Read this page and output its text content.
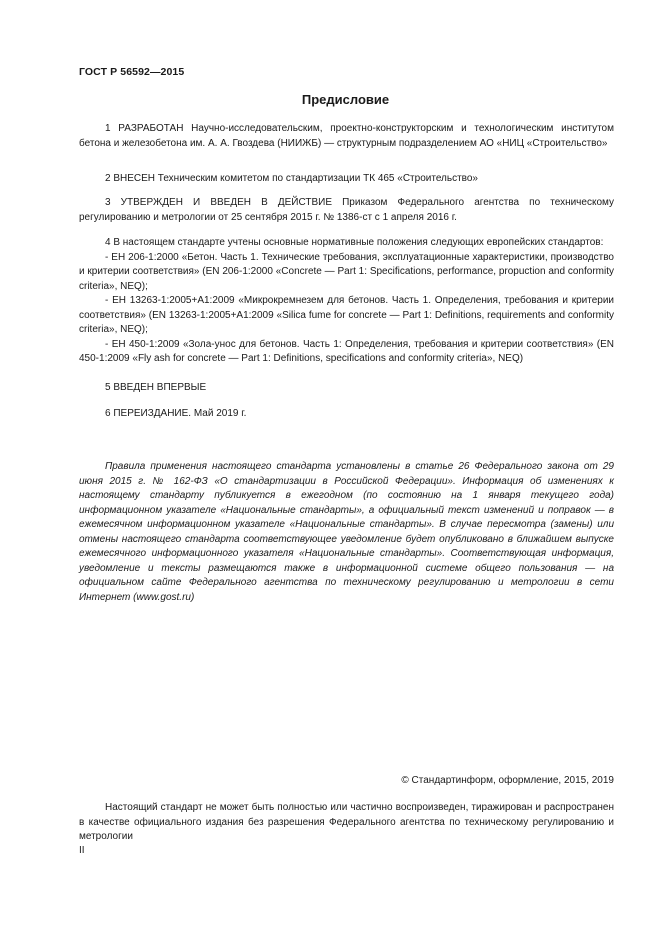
ГОСТ Р 56592—2015
Предисловие

1 РАЗРАБОТАН Научно-исследовательским, проектно-конструкторским и технологическим институтом бетона и железобетона им. А. А. Гвоздева (НИИЖБ) — структурным подразделением АО «НИЦ «Строительство»

2 ВНЕСЕН Техническим комитетом по стандартизации ТК 465 «Строительство»

3 УТВЕРЖДЕН И ВВЕДЕН В ДЕЙСТВИЕ Приказом Федерального агентства по техническому регулированию и метрологии от 25 сентября 2015 г. № 1386-ст с 1 апреля 2016 г.

4 В настоящем стандарте учтены основные нормативные положения следующих европейских стандартов:

- ЕН 206-1:2000 «Бетон. Часть 1. Технические требования, эксплуатационные характеристики, производство и критерии соответствия» (EN 206-1:2000 «Concrete — Part 1: Specifications, performance, propuction and conformity criteria», NEQ);

- ЕН 13263-1:2005+А1:2009 «Микрокремнезем для бетонов. Часть 1. Определения, требования и критерии соответствия» (EN 13263-1:2005+A1:2009 «Silica fume for concrete — Part 1: Definitions, requirements and conformity criteria», NEQ);

- ЕН 450-1:2009 «Зола-унос для бетонов. Часть 1: Определения, требования и критерии соответствия» (EN 450-1:2009 «Fly ash for concrete — Part 1: Definitions, specifications and conformity criteria», NEQ)

5 ВВЕДЕН ВПЕРВЫЕ

6 ПЕРЕИЗДАНИЕ. Май 2019 г.

Правила применения настоящего стандарта установлены в статье 26 Федерального закона от 29 июня 2015 г. № 162-ФЗ «О стандартизации в Российской Федерации». Информация об изменениях к настоящему стандарту публикуется в ежегодном (по состоянию на 1 января текущего года) информационном указателе «Национальные стандарты», а официальный текст изменений и поправок — в ежемесячном информационном указателе «Национальные стандарты». В случае пересмотра (замены) или отмены настоящего стандарта соответствующее уведомление будет опубликовано в ближайшем выпуске ежемесячного информационного указателя «Национальные стандарты». Соответствующая информация, уведомление и тексты размещаются также в информационной системе общего пользования — на официальном сайте Федерального агентства по техническому регулированию и метрологии в сети Интернет (www.gost.ru)
© Стандартинформ, оформление, 2015, 2019
Настоящий стандарт не может быть полностью или частично воспроизведен, тиражирован и распространен в качестве официального издания без разрешения Федерального агентства по техническому регулированию и метрологии
II
